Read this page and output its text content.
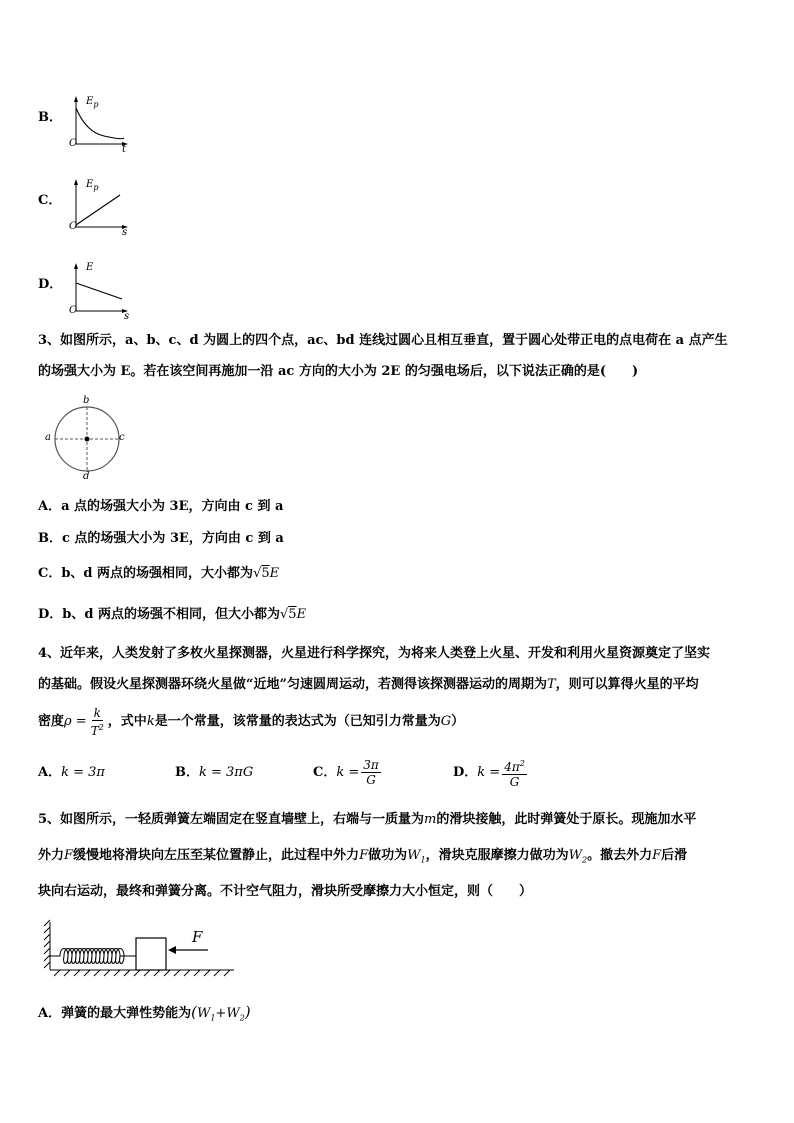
B．
$E_p$
O
t
C．
$E_p$
O
s
D．
E
O
s
3、如图所示，a、b、c、d 为圆上的四个点，ac、bd 连线过圆心且相互垂直，置于圆心处带正电的点电荷在 a 点产生
的场强大小为 E。若在该空间再施加一沿 ac 方向的大小为 2E 的匀强电场后，以下说法正确的是(　　)
b
a	c
d
A．a 点的场强大小为 3E，方向由 c 到 a
B．c 点的场强大小为 3E，方向由 c 到 a
C．b、d 两点的场强相同，大小都为√5E
D．b、d 两点的场强不相同，但大小都为√5E
4、近年来，人类发射了多枚火星探测器，火星进行科学探究，为将来人类登上火星、开发和利用火星资源奠定了坚实
的基础。假设火星探测器环绕火星做“近地”匀速圆周运动，若测得该探测器运动的周期为T，则可以算得火星的平均
密度$\rho = \frac{k}{T^2}$ ，式中k是一个常量，该常量的表达式为（已知引力常量为G）
A．k = 3π	B．k = 3πG	C．$k = \frac{3\pi}{G}$	D．$k = \frac{4\pi^2}{G}$
5、如图所示，一轻质弹簧左端固定在竖直墙壁上，右端与一质量为m的滑块接触，此时弹簧处于原长。现施加水平
外力F缓慢地将滑块向左压至某位置静止，此过程中外力F做功为$W_1$，滑块克服摩擦力做功为$W_2$。撤去外力F后滑
块向右运动，最终和弹簧分离。不计空气阻力，滑块所受摩擦力大小恒定，则（　　）
F
A．弹簧的最大弹性势能为$(W_1+W_2)$
